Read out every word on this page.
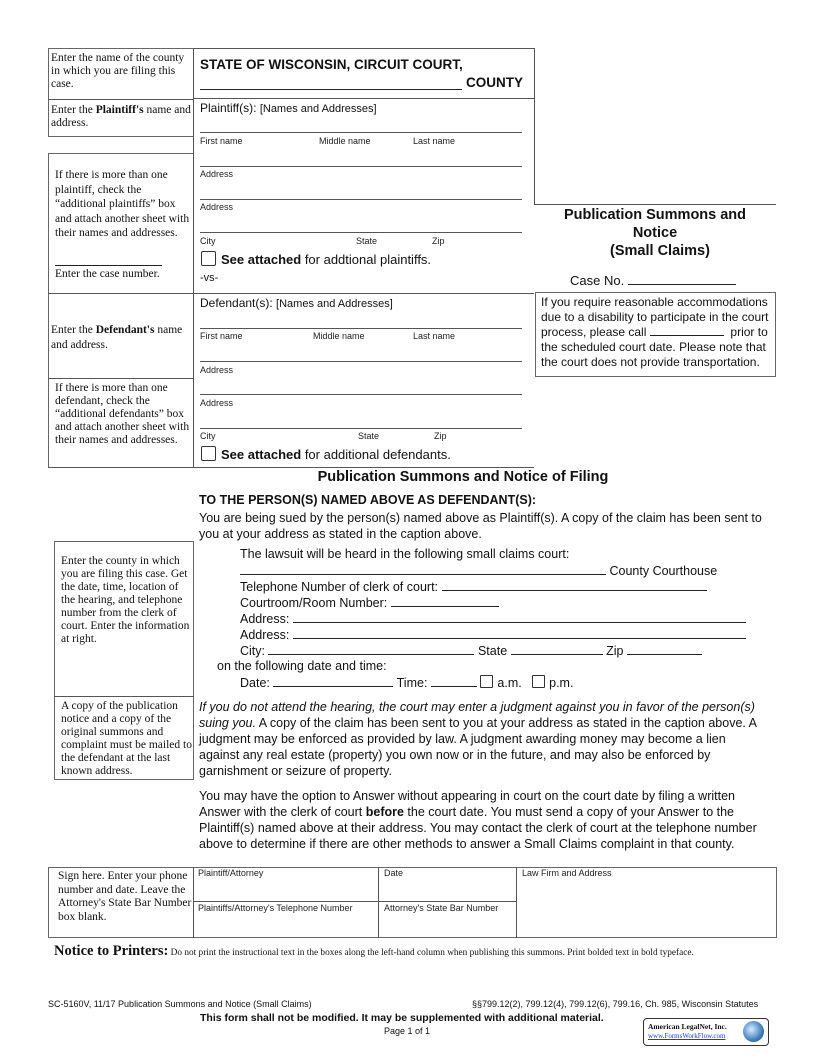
Enter the name of the county in which you are filing this case.
Enter the Plaintiff's name and address.
If there is more than one plaintiff, check the “additional plaintiffs” box and attach another sheet with their names and addresses.
Enter the case number.
Enter the Defendant's name and address.
If there is more than one defendant, check the “additional defendants” box and attach another sheet with their names and addresses.
STATE OF WISCONSIN, CIRCUIT COURT,
COUNTY
Plaintiff(s): [Names and Addresses]
First name	Middle name	Last name
Address
Address
City	State	Zip
See attached for addtional plaintiffs.
-vs-
Defendant(s): [Names and Addresses]
First name	Middle name	Last name
Address
Address
City	State	Zip
See attached for additional defendants.
Publication Summons and
Notice
(Small Claims)
Case No.
If you require reasonable accommodations due to a disability to participate in the court process, please call	prior to the scheduled court date. Please note that the court does not provide transportation.
Publication Summons and Notice of Filing
TO THE PERSON(S) NAMED ABOVE AS DEFENDANT(S):
You are being sued by the person(s) named above as Plaintiff(s). A copy of the claim has been sent to you at your address as stated in the caption above.
Enter the county in which you are filing this case. Get the date, time, location of the hearing, and telephone number from the clerk of court. Enter the information at right.
A copy of the publication notice and a copy of the original summons and complaint must be mailed to the defendant at the last known address.
The lawsuit will be heard in the following small claims court:
County Courthouse
Telephone Number of clerk of court:
Courtroom/Room Number:
Address:
Address:
City:	State	Zip
on the following date and time:
Date:	Time:	a.m. p.m.
If you do not attend the hearing, the court may enter a judgment against you in favor of the person(s) suing you. A copy of the claim has been sent to you at your address as stated in the caption above. A judgment may be enforced as provided by law. A judgment awarding money may become a lien against any real estate (property) you own now or in the future, and may also be enforced by garnishment or seizure of property.
You may have the option to Answer without appearing in court on the court date by filing a written Answer with the clerk of court before the court date. You must send a copy of your Answer to the Plaintiff(s) named above at their address. You may contact the clerk of court at the telephone number above to determine if there are other methods to answer a Small Claims complaint in that county.
Sign here. Enter your phone number and date. Leave the Attorney's State Bar Number box blank.
Plaintiff/Attorney	Date	Law Firm and Address
Plaintiffs/Attorney's Telephone Number	Attorney's State Bar Number
Notice to Printers: Do not print the instructional text in the boxes along the left-hand column when publishing this summons. Print bolded text in bold typeface.
SC-5160V, 11/17 Publication Summons and Notice (Small Claims)	§§799.12(2), 799.12(4), 799.12(6), 799.16, Ch. 985, Wisconsin Statutes
This form shall not be modified. It may be supplemented with additional material.
Page 1 of 1	American LegalNet, Inc.
www.FormsWorkFlow.com
